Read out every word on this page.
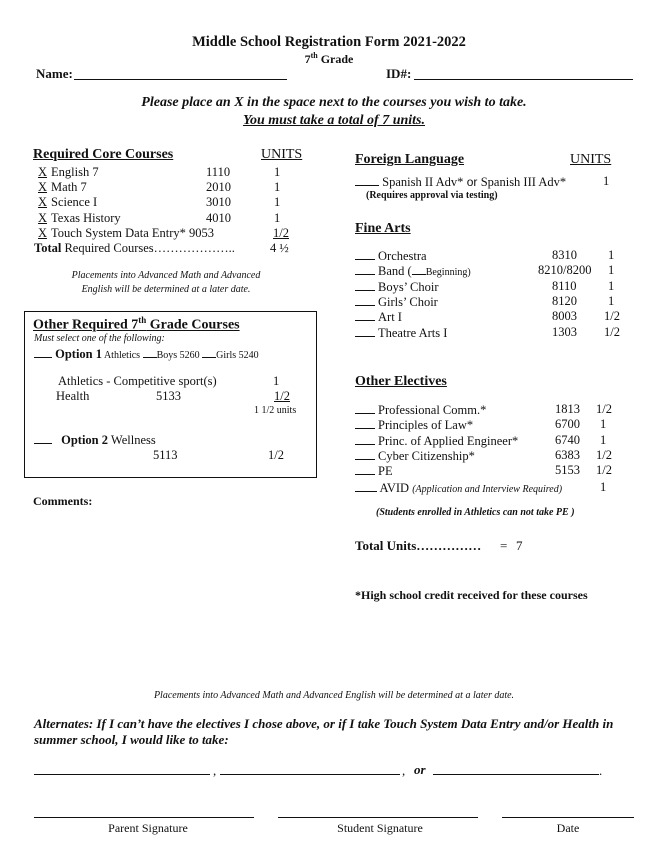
Middle School Registration Form 2021-2022
7th Grade
Name:	ID#:
Please place an X in the space next to the courses you wish to take.
You must take a total of 7 units.
Required Core Courses	UNITS
X English 7	1110	1
X Math 7	2010	1
X Science I	3010	1
X Texas History	4010	1
X Touch System Data Entry* 9053	1/2
Total Required Courses………………..	4 ½
Placements into Advanced Math and Advanced
English will be determined at a later date.
Other Required 7th Grade Courses
Must select one of the following:
Option 1 Athletics Boys 5260 Girls 5240
Athletics - Competitive sport(s)	1
Health	5133	1/2
1 1/2 units
Option 2 Wellness
5113	1/2
Comments:
Foreign Language	UNITS
Spanish II Adv* or Spanish III Adv*	1
(Requires approval via testing)
Fine Arts
Orchestra	8310 1
Band ( Beginning)	8210/8200 1
Boys’ Choir	8110	1
Girls’ Choir	8120 1
Art I	8003 1/2
Theatre Arts I	1303 1/2
Other Electives
Professional Comm.*	1813 1/2
Principles of Law*	6700 1
Princ. of Applied Engineer*	6740 1
Cyber Citizenship*	6383 1/2
PE	5153 1/2
AVID (Application and Interview Required)	1
(Students enrolled in Athletics can not take PE )
Total Units…………… = 7
*High school credit received for these courses
Placements into Advanced Math and Advanced English will be determined at a later date.
Alternates: If I can’t have the electives I chose above, or if I take Touch System Data Entry and/or Health in
summer school, I would like to take:
,	, or	.
Parent Signature	Student Signature	Date
